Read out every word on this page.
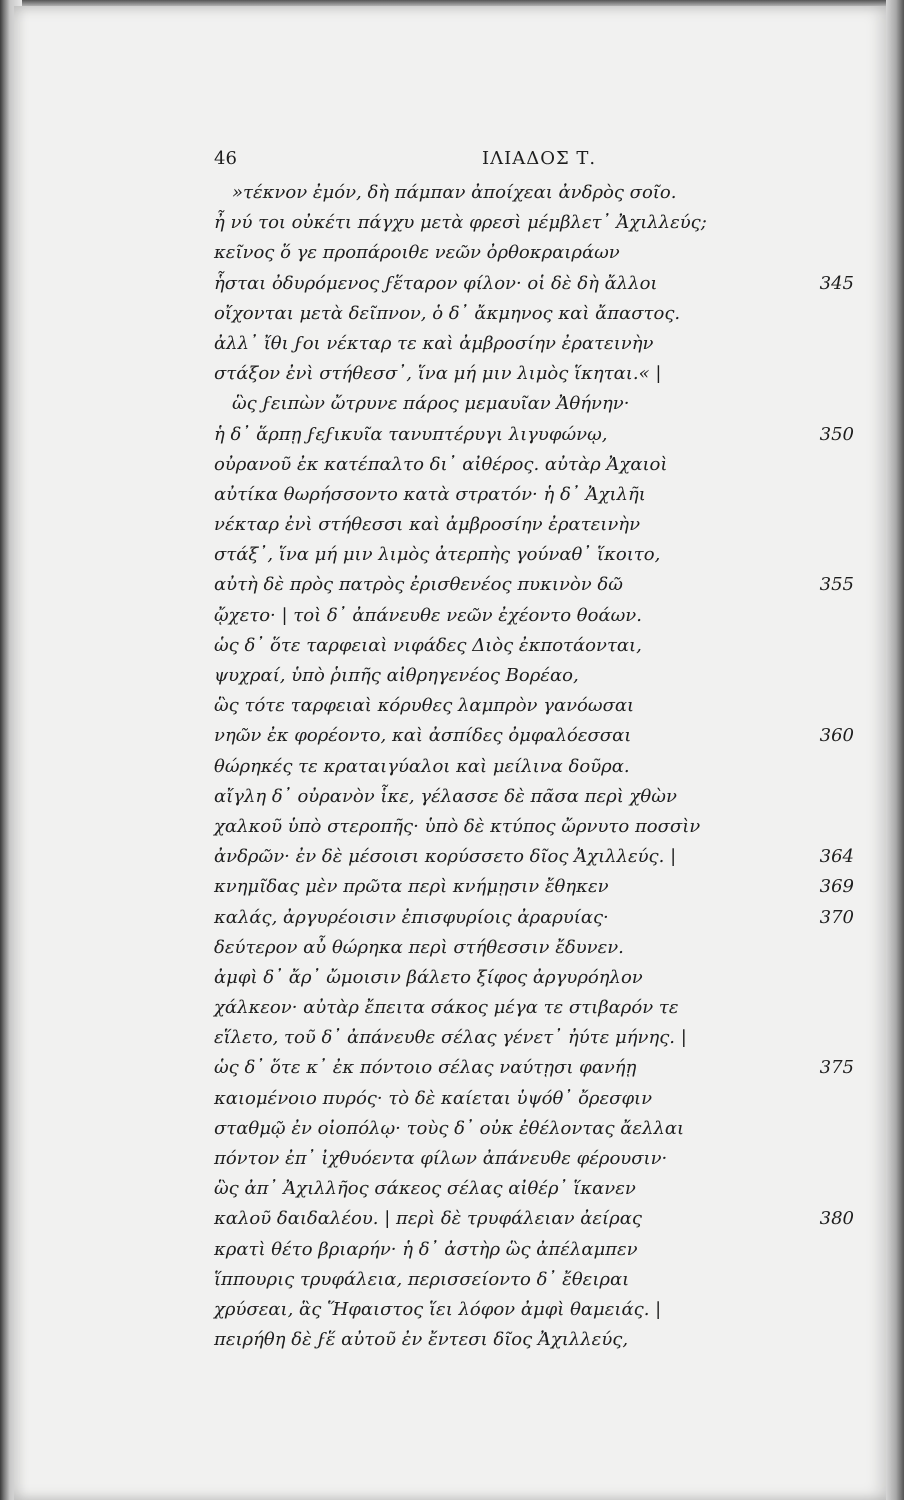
46	ΙΛΙΑΔΟΣ Τ.
»τέκνον ἐμόν, δὴ πάμπαν ἀποίχεαι ἀνδρὸς σοῖο.
ἦ νύ τοι οὐκέτι πάγχυ μετὰ φρεσὶ μέμβλετ᾽ Ἀχιλλεύς;
κεῖνος ὅ γε προπάροιθε νεῶν ὀρθοκραιράων
ἧσται ὀδυρόμενος ϝἕταρον φίλον· οἱ δὲ δὴ ἄλλοι	345
οἴχονται μετὰ δεῖπνον, ὁ δ᾽ ἄκμηνος καὶ ἄπαστος.
ἀλλ᾽ ἴθι ϝοι νέκταρ τε καὶ ἀμβροσίην ἐρατεινὴν
στάξον ἐνὶ στήθεσσ᾽, ἵνα μή μιν λιμὸς ἵκηται.« |
ὣς ϝειπὼν ὤτρυνε πάρος μεμαυῖαν Ἀθήνην·
ἡ δ᾽ ἅρπῃ ϝεϝικυῖα τανυπτέρυγι λιγυφώνῳ,	350
οὐρανοῦ ἐκ κατέπαλτο δι᾽ αἰθέρος. αὐτὰρ Ἀχαιοὶ
αὐτίκα θωρήσσοντο κατὰ στρατόν· ἡ δ᾽ Ἀχιλῆι
νέκταρ ἐνὶ στήθεσσι καὶ ἀμβροσίην ἐρατεινὴν
στάξ᾽, ἵνα μή μιν λιμὸς ἀτερπὴς γούναθ᾽ ἵκοιτο,
αὐτὴ δὲ πρὸς πατρὸς ἐρισθενέος πυκινὸν δῶ	355
ᾤχετο· | τοὶ δ᾽ ἀπάνευθε νεῶν ἐχέοντο θοάων.
ὡς δ᾽ ὅτε ταρφειαὶ νιφάδες Διὸς ἐκποτάονται,
ψυχραί, ὑπὸ ῥιπῆς αἰθρηγενέος Βορέαο,
ὣς τότε ταρφειαὶ κόρυθες λαμπρὸν γανόωσαι
νηῶν ἐκ φορέοντο, καὶ ἀσπίδες ὀμφαλόεσσαι	360
θώρηκές τε κραταιγύαλοι καὶ μείλινα δοῦρα.
αἴγλη δ᾽ οὐρανὸν ἷκε, γέλασσε δὲ πᾶσα περὶ χθὼν
χαλκοῦ ὑπὸ στεροπῆς· ὑπὸ δὲ κτύπος ὤρνυτο ποσσὶν
ἀνδρῶν· ἐν δὲ μέσοισι κορύσσετο δῖος Ἀχιλλεύς. |	364
κνημῖδας μὲν πρῶτα περὶ κνήμῃσιν ἔθηκεν	369
καλάς, ἀργυρέοισιν ἐπισφυρίοις ἀραρυίας·	370
δεύτερον αὖ θώρηκα περὶ στήθεσσιν ἔδυνεν.
ἀμφὶ δ᾽ ἄρ᾽ ὤμοισιν βάλετο ξίφος ἀργυρόηλον
χάλκεον· αὐτὰρ ἔπειτα σάκος μέγα τε στιβαρόν τε
εἵλετο, τοῦ δ᾽ ἀπάνευθε σέλας γένετ᾽ ἠύτε μήνης. |
ὡς δ᾽ ὅτε κ᾽ ἐκ πόντοιο σέλας ναύτῃσι φανήῃ	375
καιομένοιο πυρός· τὸ δὲ καίεται ὑψόθ᾽ ὄρεσφιν
σταθμῷ ἐν οἰοπόλῳ· τοὺς δ᾽ οὐκ ἐθέλοντας ἄελλαι
πόντον ἐπ᾽ ἰχθυόεντα φίλων ἀπάνευθε φέρουσιν·
ὣς ἀπ᾽ Ἀχιλλῆος σάκεος σέλας αἰθέρ᾽ ἵκανεν
καλοῦ δαιδαλέου. | περὶ δὲ τρυφάλειαν ἀείρας	380
κρατὶ θέτο βριαρήν· ἡ δ᾽ ἀστὴρ ὣς ἀπέλαμπεν
ἵππουρις τρυφάλεια, περισσείοντο δ᾽ ἔθειραι
χρύσεαι, ἃς Ἥφαιστος ἵει λόφον ἀμφὶ θαμειάς. |
πειρήθη δὲ ϝἕ αὐτοῦ ἐν ἔντεσι δῖος Ἀχιλλεύς,
